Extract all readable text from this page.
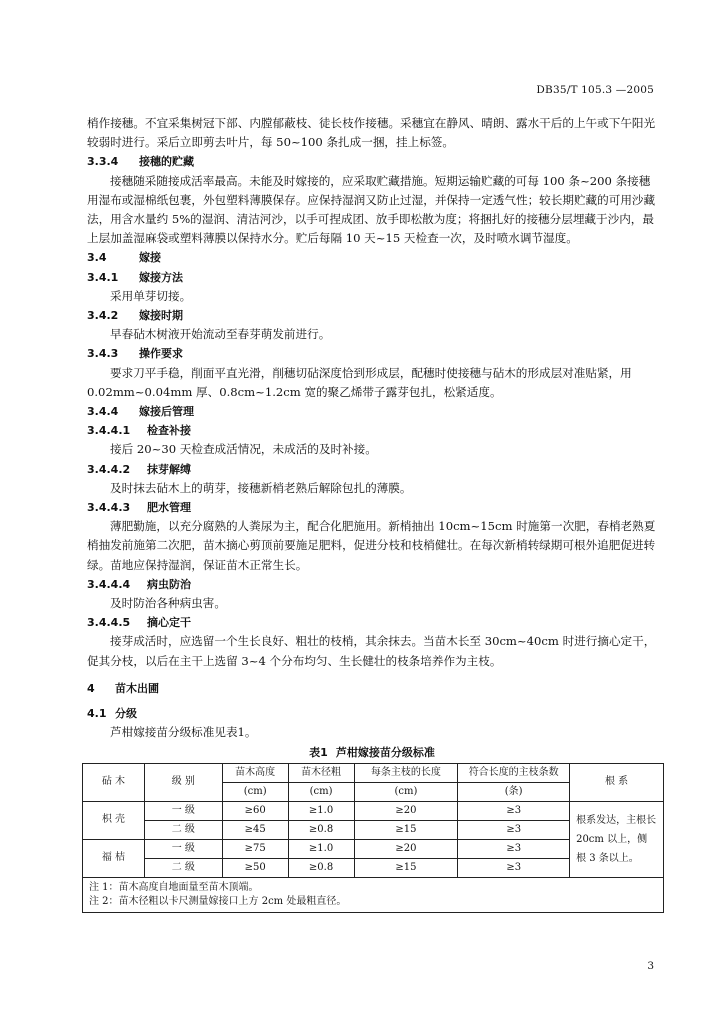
DB35/T 105.3 —2005

梢作接穗。不宜采集树冠下部、内膛郁蔽枝、徒长枝作接穗。采穗宜在静风、晴朗、露水干后的上午或下午阳光较弱时进行。采后立即剪去叶片，每 50~100 条扎成一捆，挂上标签。

3.3.4 接穗的贮藏

接穗随采随接成活率最高。未能及时嫁接的，应采取贮藏措施。短期运输贮藏的可每 100 条~200 条接穗用湿布或湿棉纸包裹，外包塑料薄膜保存。应保持湿润又防止过湿，并保持一定透气性；较长期贮藏的可用沙藏法，用含水量约 5%的湿润、清洁河沙，以手可捏成团、放手即松散为度；将捆扎好的接穗分层埋藏于沙内，最上层加盖湿麻袋或塑料薄膜以保持水分。贮后每隔 10 天~15 天检查一次，及时喷水调节湿度。

3.4	嫁接

3.4.1 嫁接方法

采用单芽切接。

3.4.2 嫁接时期

早春砧木树液开始流动至春芽萌发前进行。

3.4.3 操作要求

要求刀平手稳，削面平直光滑，削穗切砧深度恰到形成层，配穗时使接穗与砧木的形成层对准贴紧，用 0.02mm~0.04mm 厚、0.8cm~1.2cm 宽的聚乙烯带子露芽包扎，松紧适度。

3.4.4 嫁接后管理

3.4.4.1 检查补接

接后 20~30 天检查成活情况，未成活的及时补接。

3.4.4.2 抹芽解缚

及时抹去砧木上的萌芽，接穗新梢老熟后解除包扎的薄膜。

3.4.4.3 肥水管理

薄肥勤施，以充分腐熟的人粪尿为主，配合化肥施用。新梢抽出 10cm~15cm 时施第一次肥，春梢老熟夏梢抽发前施第二次肥，苗木摘心剪顶前要施足肥料，促进分枝和枝梢健壮。在每次新梢转绿期可根外追肥促进转绿。苗地应保持湿润，保证苗木正常生长。

3.4.4.4 病虫防治

及时防治各种病虫害。

3.4.4.5 摘心定干

接芽成活时，应选留一个生长良好、粗壮的枝梢，其余抹去。当苗木长至 30cm~40cm 时进行摘心定干，促其分枝，以后在主干上选留 3~4 个分布均匀、生长健壮的枝条培养作为主枝。

4 苗木出圃

4.1 分级

芦柑嫁接苗分级标准见表1。

表1 芦柑嫁接苗分级标准

砧 木	级 别	苗木高度	苗木径粗	每条主枝的长度	符合长度的主枝条数	根 系
		(cm)	(cm)	(cm)	(条)	
枳 壳	一 级	≥60	≥1.0	≥20	≥3	根系发达，主根长 20cm 以上，侧根 3 条以上。
	二 级	≥45	≥0.8	≥15	≥3	
福 桔	一 级	≥75	≥1.0	≥20	≥3	
	二 级	≥50	≥0.8	≥15	≥3	

注 1：苗木高度自地面量至苗木顶端。
注 2：苗木径粗以卡尺测量嫁接口上方 2cm 处最粗直径。						
3
